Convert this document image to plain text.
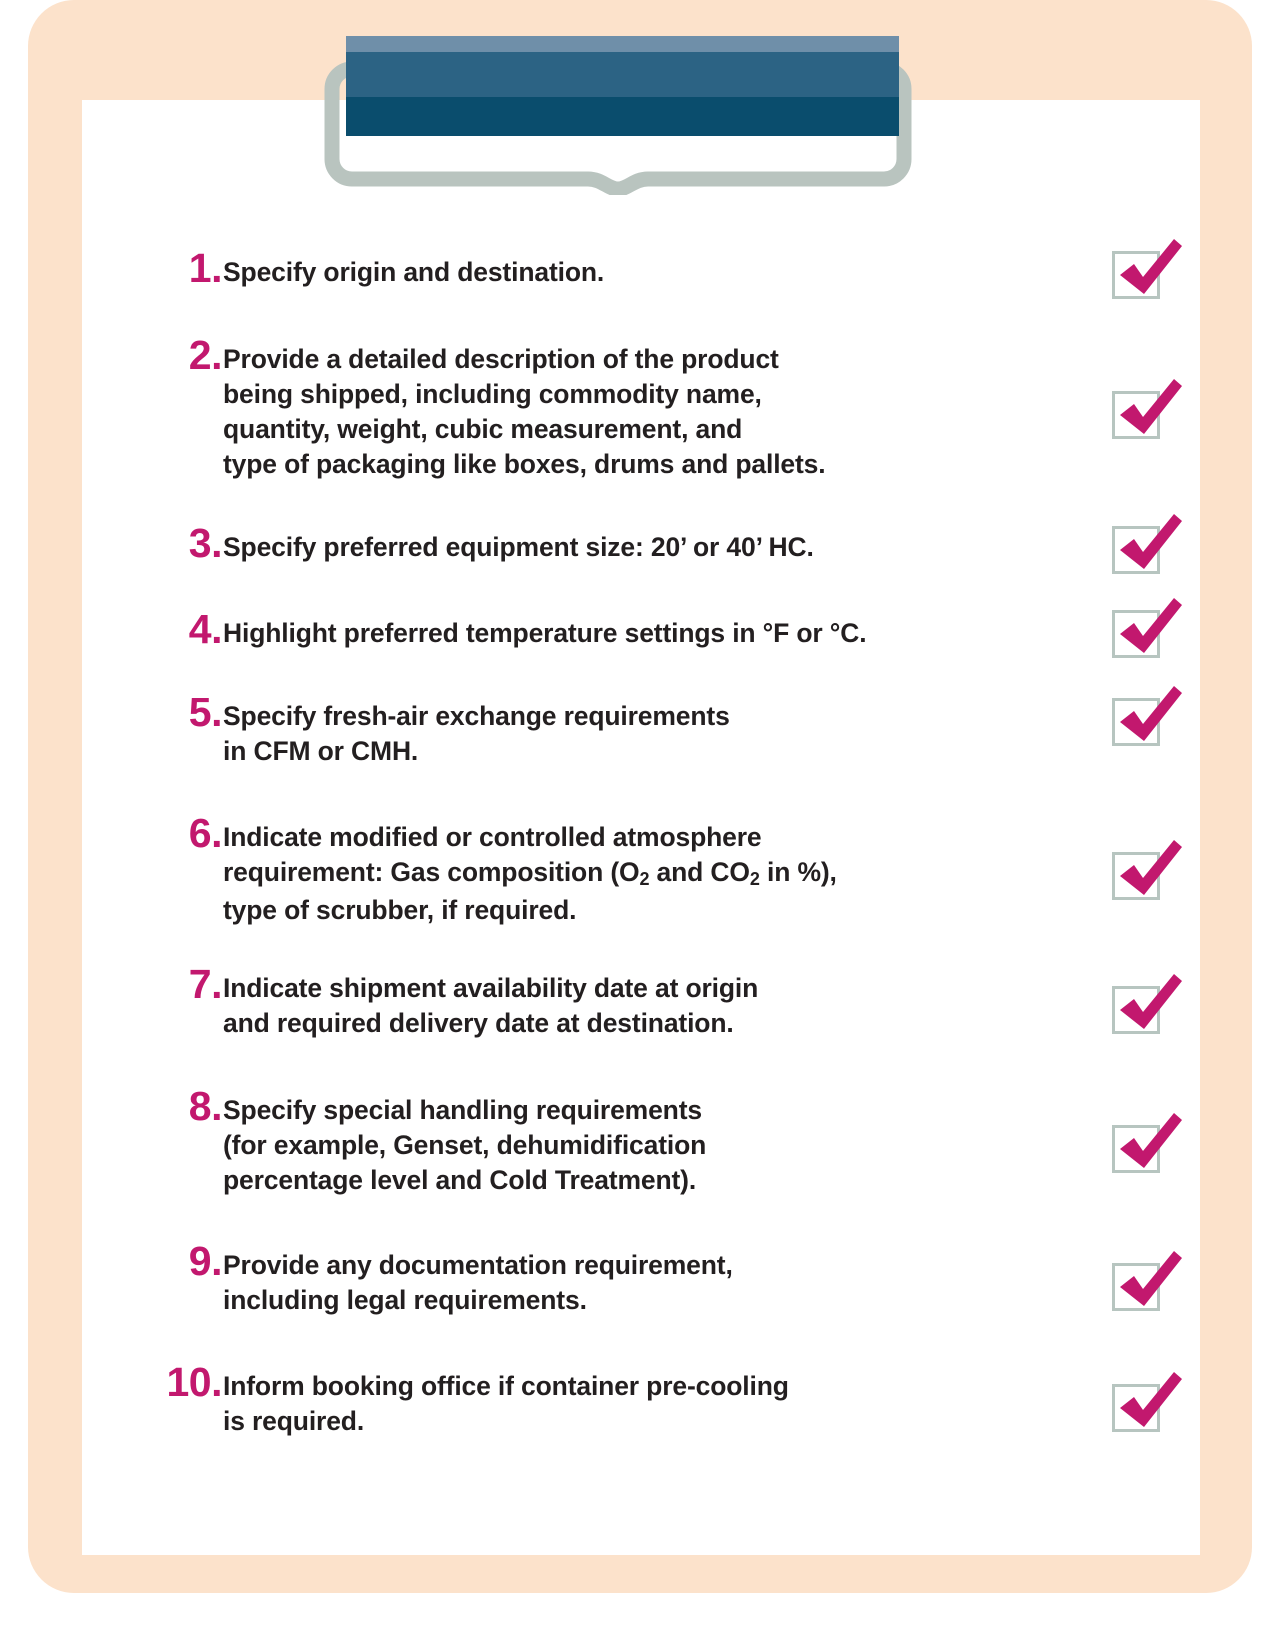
1. Specify origin and destination.
2. Provide a detailed description of the product
being shipped, including commodity name,
quantity, weight, cubic measurement, and
type of packaging like boxes, drums and pallets.
3. Specify preferred equipment size: 20’ or 40’ HC.
4. Highlight preferred temperature settings in °F or °C.
5. Specify fresh-air exchange requirements
in CFM or CMH.
6. Indicate modified or controlled atmosphere
requirement: Gas composition ($O_2$ and $CO_2$ in %),
type of scrubber, if required.
7. Indicate shipment availability date at origin
and required delivery date at destination.
8. Specify special handling requirements
(for example, Genset, dehumidification
percentage level and Cold Treatment).
9. Provide any documentation requirement,
including legal requirements.
10. Inform booking office if container pre-cooling
is required.
